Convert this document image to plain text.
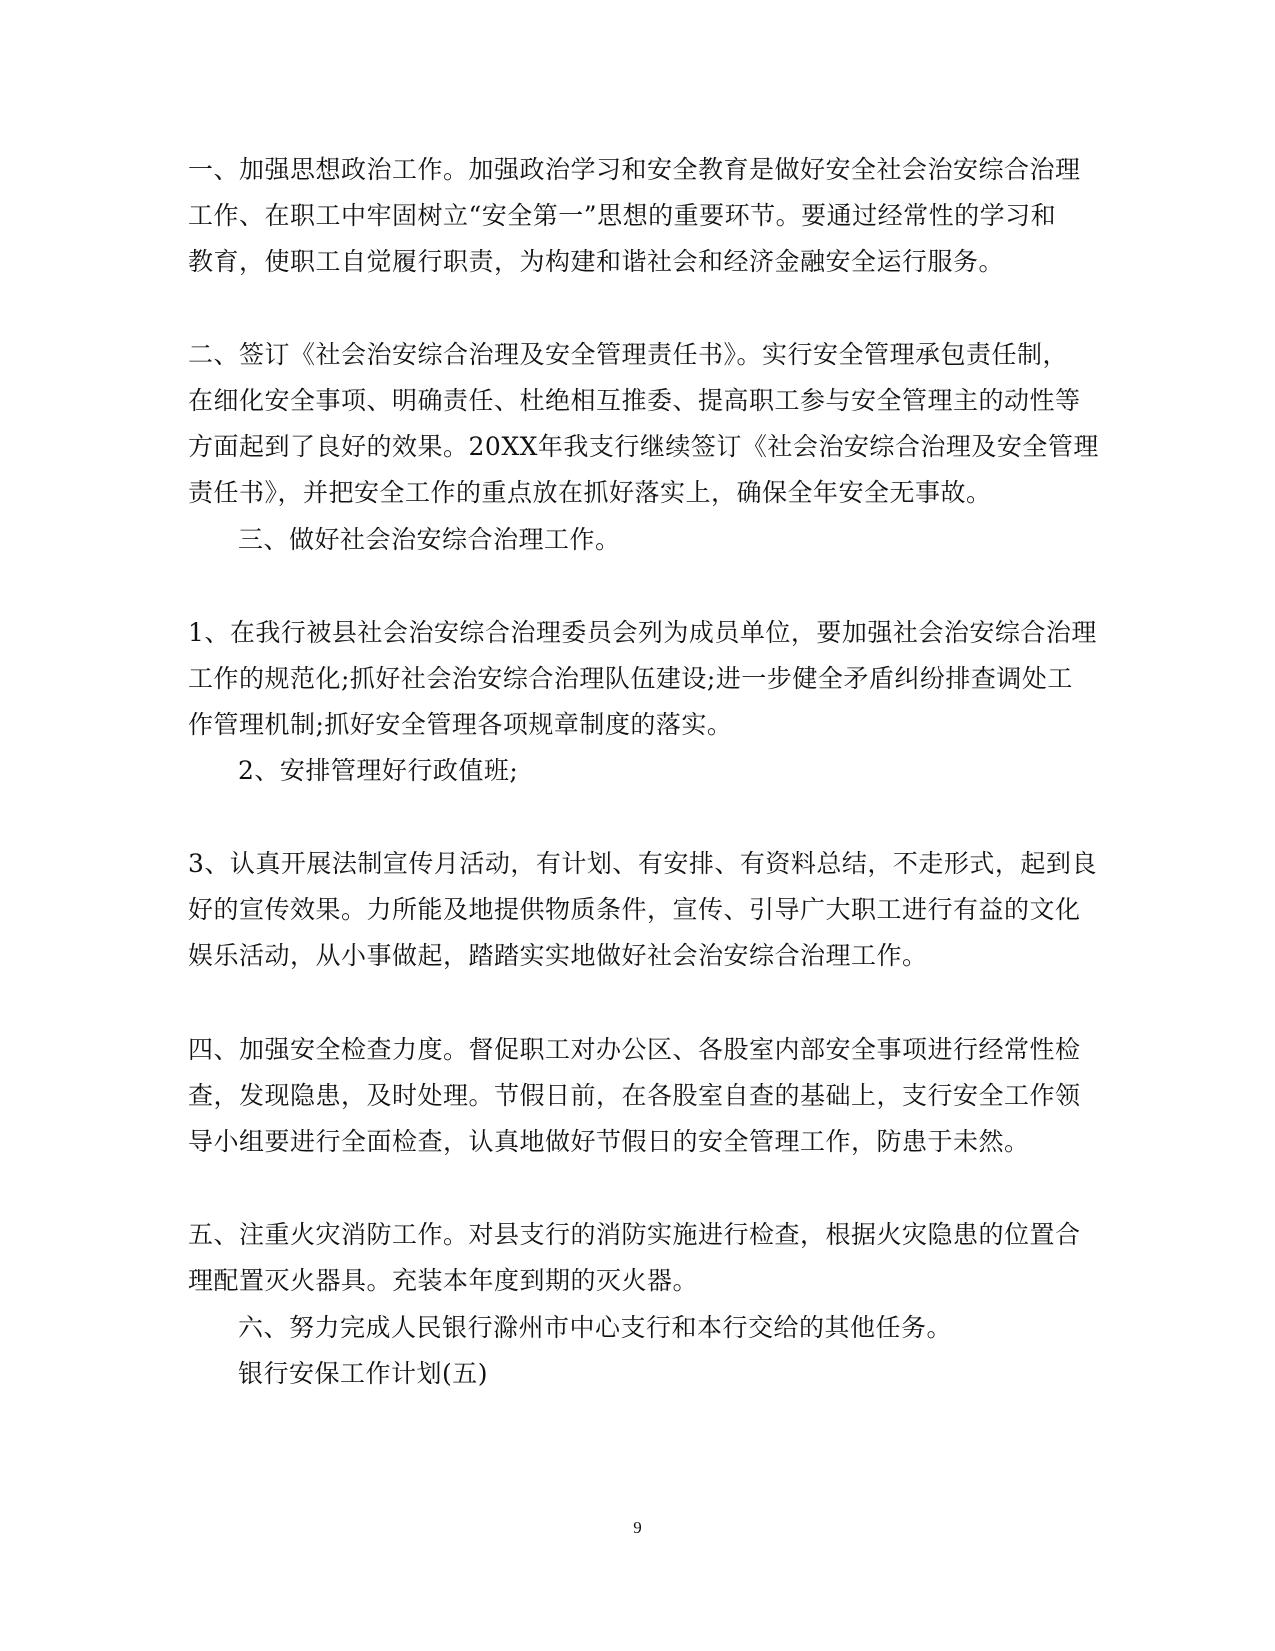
一、加强思想政治工作。加强政治学习和安全教育是做好安全社会治安综合治理
工作、在职工中牢固树立“安全第一”思想的重要环节。要通过经常性的学习和
教育，使职工自觉履行职责，为构建和谐社会和经济金融安全运行服务。
二、签订《社会治安综合治理及安全管理责任书》。实行安全管理承包责任制，
在细化安全事项、明确责任、杜绝相互推委、提高职工参与安全管理主的动性等
方面起到了良好的效果。20XX年我支行继续签订《社会治安综合治理及安全管理
责任书》，并把安全工作的重点放在抓好落实上，确保全年安全无事故。
三、做好社会治安综合治理工作。
1、在我行被县社会治安综合治理委员会列为成员单位，要加强社会治安综合治理
工作的规范化;抓好社会治安综合治理队伍建设;进一步健全矛盾纠纷排查调处工
作管理机制;抓好安全管理各项规章制度的落实。
2、安排管理好行政值班;
3、认真开展法制宣传月活动，有计划、有安排、有资料总结，不走形式，起到良
好的宣传效果。力所能及地提供物质条件，宣传、引导广大职工进行有益的文化
娱乐活动，从小事做起，踏踏实实地做好社会治安综合治理工作。
四、加强安全检查力度。督促职工对办公区、各股室内部安全事项进行经常性检
查，发现隐患，及时处理。节假日前，在各股室自查的基础上，支行安全工作领
导小组要进行全面检查，认真地做好节假日的安全管理工作，防患于未然。
五、注重火灾消防工作。对县支行的消防实施进行检查，根据火灾隐患的位置合
理配置灭火器具。充装本年度到期的灭火器。
六、努力完成人民银行滁州市中心支行和本行交给的其他任务。
银行安保工作计划(五)
9
